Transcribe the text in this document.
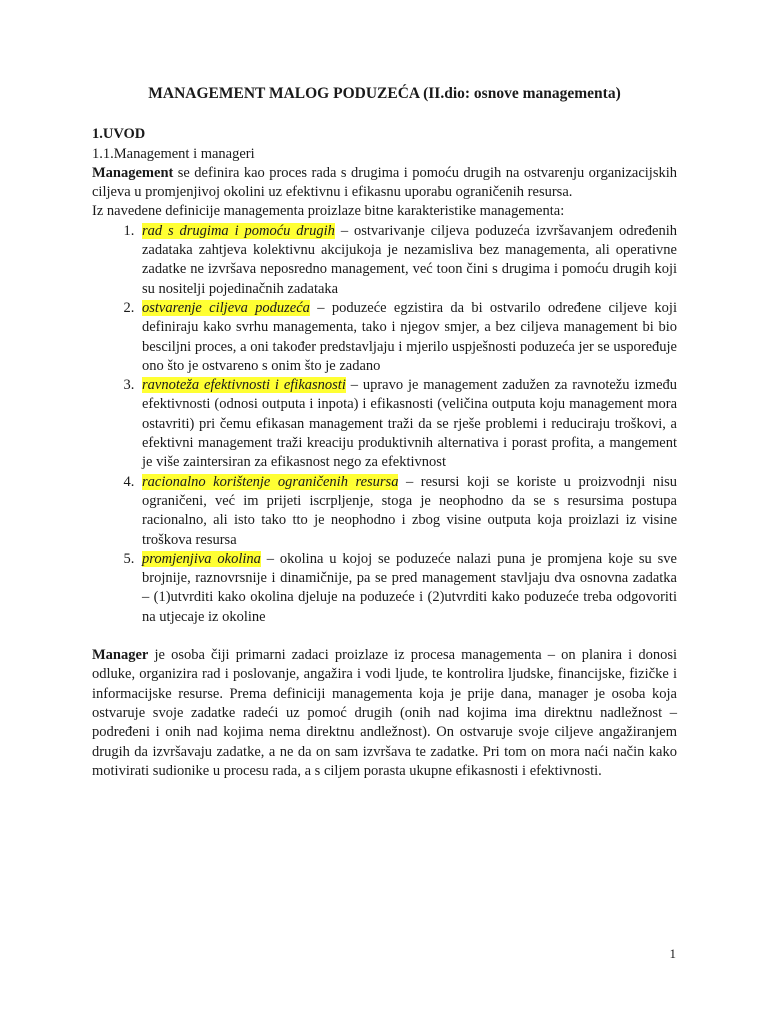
MANAGEMENT MALOG PODUZEĆA (II.dio: osnove managementa)

1.UVOD

1.1.Management i manageri

Management se definira kao proces rada s drugima i pomoću drugih na ostvarenju organizacijskih ciljeva u promjenjivoj okolini uz efektivnu i efikasnu uporabu ograničenih resursa.

Iz navedene definicije managementa proizlaze bitne karakteristike managementa:

1. rad s drugima i pomoću drugih – ostvarivanje ciljeva poduzeća izvršavanjem određenih zadataka zahtjeva kolektivnu akcijukoja je nezamisliva bez managementa, ali operativne zadatke ne izvršava neposredno management, već toon čini s drugima i pomoću drugih koji su nositelji pojedinačnih zadataka
2. ostvarenje ciljeva poduzeća – poduzeće egzistira da bi ostvarilo određene ciljeve koji definiraju kako svrhu managementa, tako i njegov smjer, a bez ciljeva management bi bio besciljni proces, a oni također predstavljaju i mjerilo uspješnosti poduzeća jer se uspoređuje ono što je ostvareno s onim što je zadano
3. ravnoteža efektivnosti i efikasnosti – upravo je management zadužen za ravnotežu između efektivnosti (odnosi outputa i inpota) i efikasnosti (veličina outputa koju management mora ostavriti) pri čemu efikasan management traži da se rješe problemi i reduciraju troškovi, a efektivni management traži kreaciju produktivnih alternativa i porast profita, a mangement je više zaintersiran za efikasnost nego za efektivnost
4. racionalno korištenje ograničenih resursa – resursi koji se koriste u proizvodnji nisu ograničeni, već im prijeti iscrpljenje, stoga je neophodno da se s resursima postupa racionalno, ali isto tako tto je neophodno i zbog visine outputa koja proizlazi iz visine troškova resursa
5. promjenjiva okolina – okolina u kojoj se poduzeće nalazi puna je promjena koje su sve brojnije, raznovrsnije i dinamičnije, pa se pred management stavljaju dva osnovna zadatka – (1)utvrditi kako okolina djeluje na poduzeće i (2)utvrditi kako poduzeće treba odgovoriti na utjecaje iz okoline

Manager je osoba čiji primarni zadaci proizlaze iz procesa managementa – on planira i donosi odluke, organizira rad i poslovanje, angažira i vodi ljude, te kontrolira ljudske, financijske, fizičke i informacijske resurse. Prema definiciji managementa koja je prije dana, manager je osoba koja ostvaruje svoje zadatke radeći uz pomoć drugih (onih nad kojima ima direktnu nadležnost – podređeni i onih nad kojima nema direktnu andležnost). On ostvaruje svoje ciljeve angažiranjem drugih da izvršavaju zadatke, a ne da on sam izvršava te zadatke. Pri tom on mora naći način kako motivirati sudionike u procesu rada, a s ciljem porasta ukupne efikasnosti i efektivnosti.

1
